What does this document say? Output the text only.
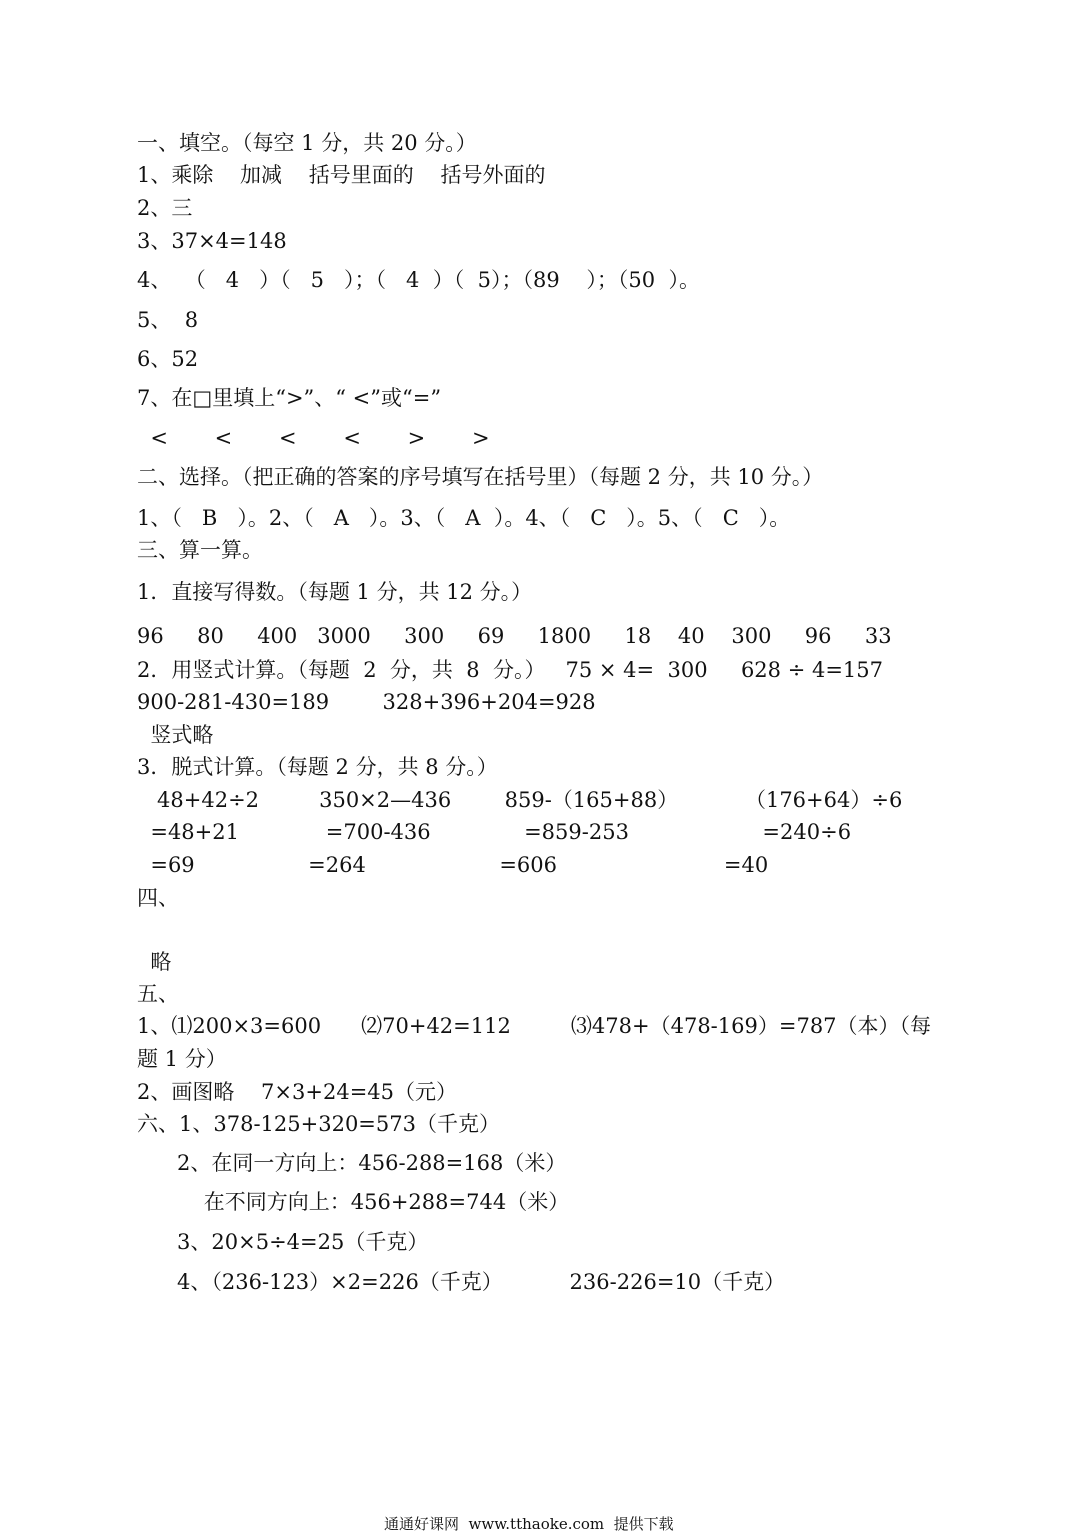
一、填空。（每空 1 分，共 20 分。）
1、乘除    加减    括号里面的    括号外面的
2、三
3、37×4=148
4、  （   4   ）（   5   ）；（   4  ）（  5）；（89    ）；（50  ）。
5、  8
6、52
7、在□里填上“>”、“ <”或“=”
<       <       <       <       >       >
二、选择。（把正确的答案的序号填写在括号里）（每题 2 分，共 10 分。）
1、（   B   ）。2、（   A   ）。3、（   A  ）。4、（   C   ）。5、（   C   ）。
三、算一算。
1．直接写得数。（每题 1 分，共 12 分。）
96     80     400   3000     300     69     1800     18    40    300     96     33
2．用竖式计算。（每题  2  分，共  8  分。）   75 × 4=  300     628 ÷ 4=157
900-281-430=189        328+396+204=928
竖式略
3．脱式计算。（每题 2 分，共 8 分。）
48+42÷2         350×2—436        859-（165+88）          （176+64）÷6
=48+21             =700-436              =859-253                    =240÷6
=69                 =264                    =606                         =40
四、
略
五、
1、⑴200×3=600      ⑵70+42=112         ⑶478+（478-169）=787（本）（每
题 1 分）
2、画图略    7×3+24=45（元）
六、1、378-125+320=573（千克）
2、在同一方向上：456-288=168（米）
在不同方向上：456+288=744（米）
3、20×5÷4=25（千克）
4、（236-123）×2=226（千克）          236-226=10（千克）
通通好课网  www.tthaoke.com  提供下载
